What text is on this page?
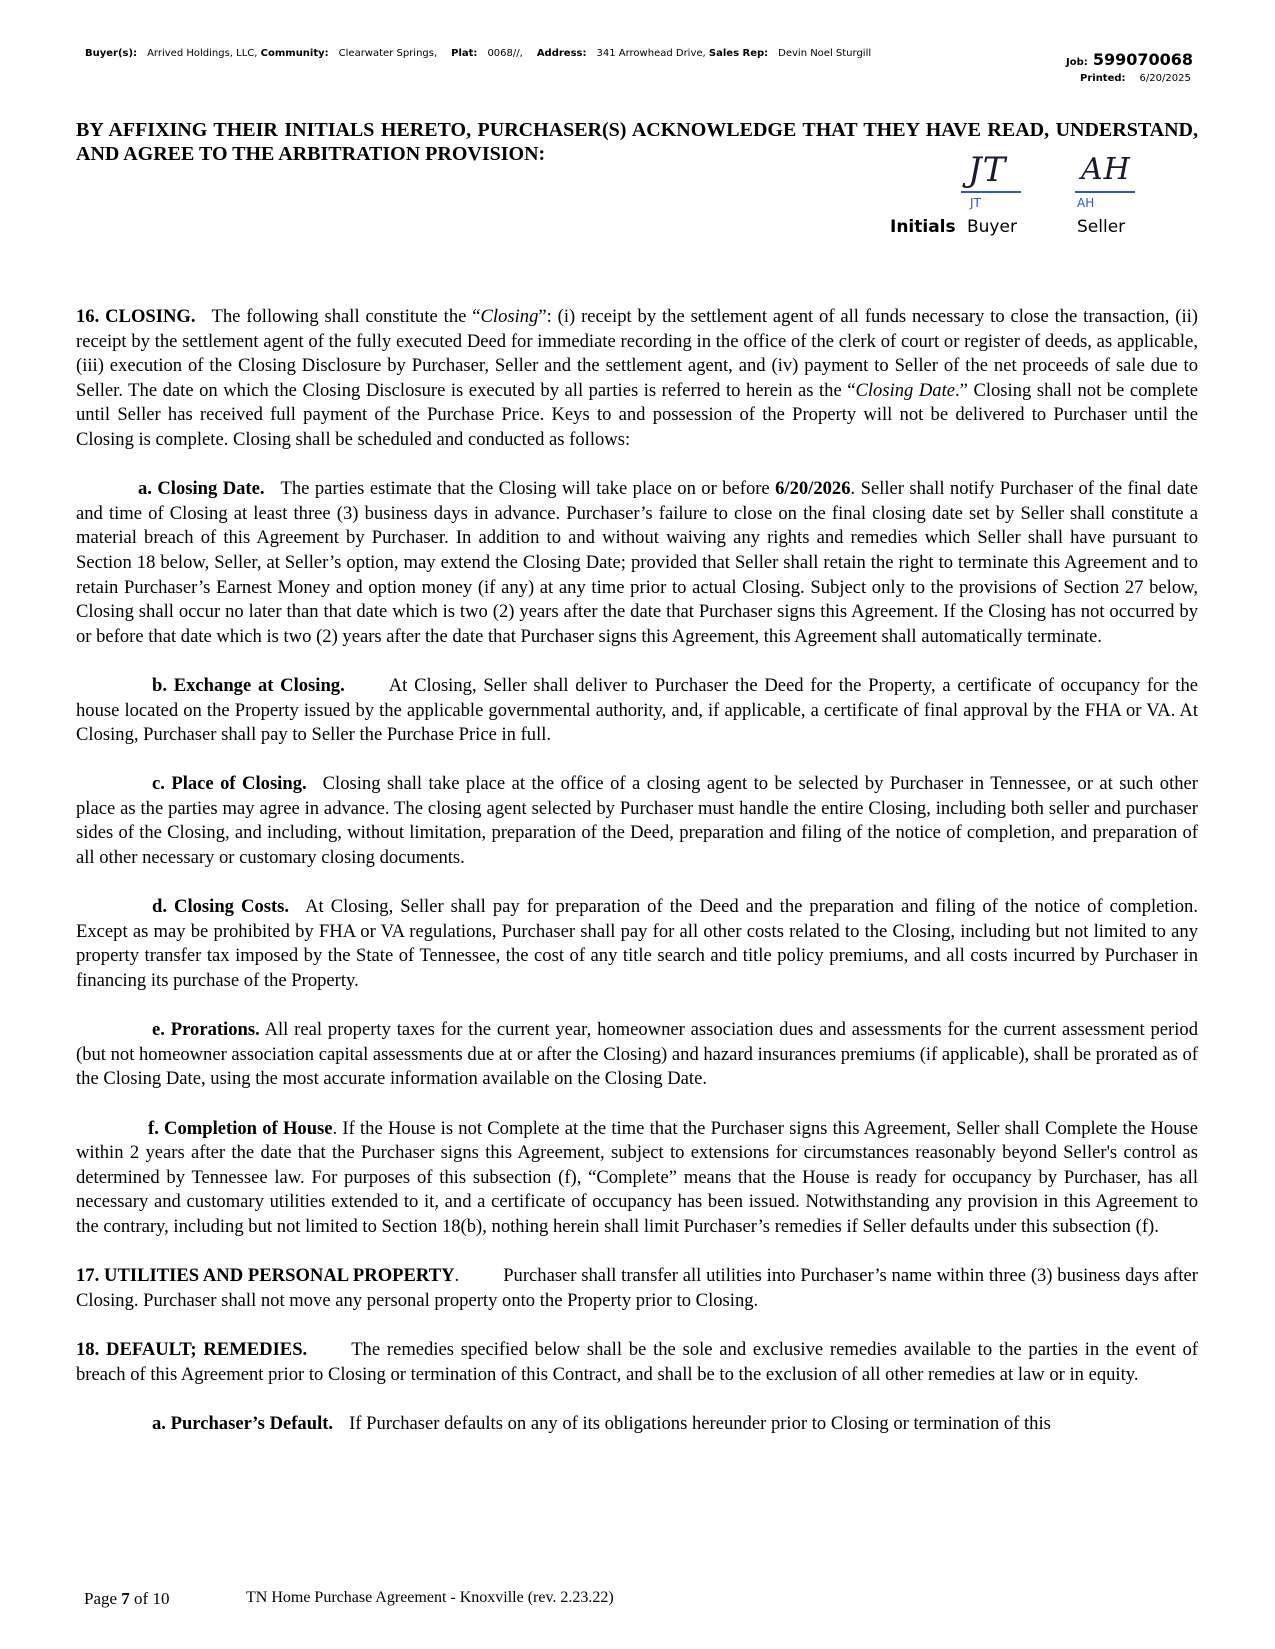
Buyer(s): Arrived Holdings, LLC, Community: Clearwater Springs, Plat: 0068//, Address: 341 Arrowhead Drive, Sales Rep: Devin Noel Sturgill
Job: 599070068
Printed: 6/20/2025
BY AFFIXING THEIR INITIALS HERETO, PURCHASER(S) ACKNOWLEDGE THAT THEY HAVE READ, UNDERSTAND, AND AGREE TO THE ARBITRATION PROVISION:	JT
JT
AH
AH
Initials Buyer	Seller

16. CLOSING. The following shall constitute the “Closing”: (i) receipt by the settlement agent of all funds necessary to close the transaction, (ii) receipt by the settlement agent of the fully executed Deed for immediate recording in the office of the clerk of court or register of deeds, as applicable, (iii) execution of the Closing Disclosure by Purchaser, Seller and the settlement agent, and (iv) payment to Seller of the net proceeds of sale due to Seller. The date on which the Closing Disclosure is executed by all parties is referred to herein as the “Closing Date.” Closing shall not be complete until Seller has received full payment of the Purchase Price. Keys to and possession of the Property will not be delivered to Purchaser until the Closing is complete. Closing shall be scheduled and conducted as follows:

a. Closing Date. The parties estimate that the Closing will take place on or before 6/20/2026. Seller shall notify Purchaser of the final date and time of Closing at least three (3) business days in advance. Purchaser’s failure to close on the final closing date set by Seller shall constitute a material breach of this Agreement by Purchaser. In addition to and without waiving any rights and remedies which Seller shall have pursuant to Section 18 below, Seller, at Seller’s option, may extend the Closing Date; provided that Seller shall retain the right to terminate this Agreement and to retain Purchaser’s Earnest Money and option money (if any) at any time prior to actual Closing. Subject only to the provisions of Section 27 below, Closing shall occur no later than that date which is two (2) years after the date that Purchaser signs this Agreement. If the Closing has not occurred by or before that date which is two (2) years after the date that Purchaser signs this Agreement, this Agreement shall automatically terminate.

b. Exchange at Closing. At Closing, Seller shall deliver to Purchaser the Deed for the Property, a certificate of occupancy for the house located on the Property issued by the applicable governmental authority, and, if applicable, a certificate of final approval by the FHA or VA. At Closing, Purchaser shall pay to Seller the Purchase Price in full.

c. Place of Closing. Closing shall take place at the office of a closing agent to be selected by Purchaser in Tennessee, or at such other place as the parties may agree in advance. The closing agent selected by Purchaser must handle the entire Closing, including both seller and purchaser sides of the Closing, and including, without limitation, preparation of the Deed, preparation and filing of the notice of completion, and preparation of all other necessary or customary closing documents.

d. Closing Costs. At Closing, Seller shall pay for preparation of the Deed and the preparation and filing of the notice of completion. Except as may be prohibited by FHA or VA regulations, Purchaser shall pay for all other costs related to the Closing, including but not limited to any property transfer tax imposed by the State of Tennessee, the cost of any title search and title policy premiums, and all costs incurred by Purchaser in financing its purchase of the Property.

e. Prorations. All real property taxes for the current year, homeowner association dues and assessments for the current assessment period (but not homeowner association capital assessments due at or after the Closing) and hazard insurances premiums (if applicable), shall be prorated as of the Closing Date, using the most accurate information available on the Closing Date.

f. Completion of House. If the House is not Complete at the time that the Purchaser signs this Agreement, Seller shall Complete the House within 2 years after the date that the Purchaser signs this Agreement, subject to extensions for circumstances reasonably beyond Seller's control as determined by Tennessee law. For purposes of this subsection (f), “Complete” means that the House is ready for occupancy by Purchaser, has all necessary and customary utilities extended to it, and a certificate of occupancy has been issued. Notwithstanding any provision in this Agreement to the contrary, including but not limited to Section 18(b), nothing herein shall limit Purchaser’s remedies if Seller defaults under this subsection (f).

17. UTILITIES AND PERSONAL PROPERTY. Purchaser shall transfer all utilities into Purchaser’s name within three (3) business days after Closing. Purchaser shall not move any personal property onto the Property prior to Closing.

18. DEFAULT; REMEDIES. The remedies specified below shall be the sole and exclusive remedies available to the parties in the event of breach of this Agreement prior to Closing or termination of this Contract, and shall be to the exclusion of all other remedies at law or in equity.

a. Purchaser’s Default. If Purchaser defaults on any of its obligations hereunder prior to Closing or termination of this

Page 7 of 10	TN Home Purchase Agreement - Knoxville (rev. 2.23.22)
